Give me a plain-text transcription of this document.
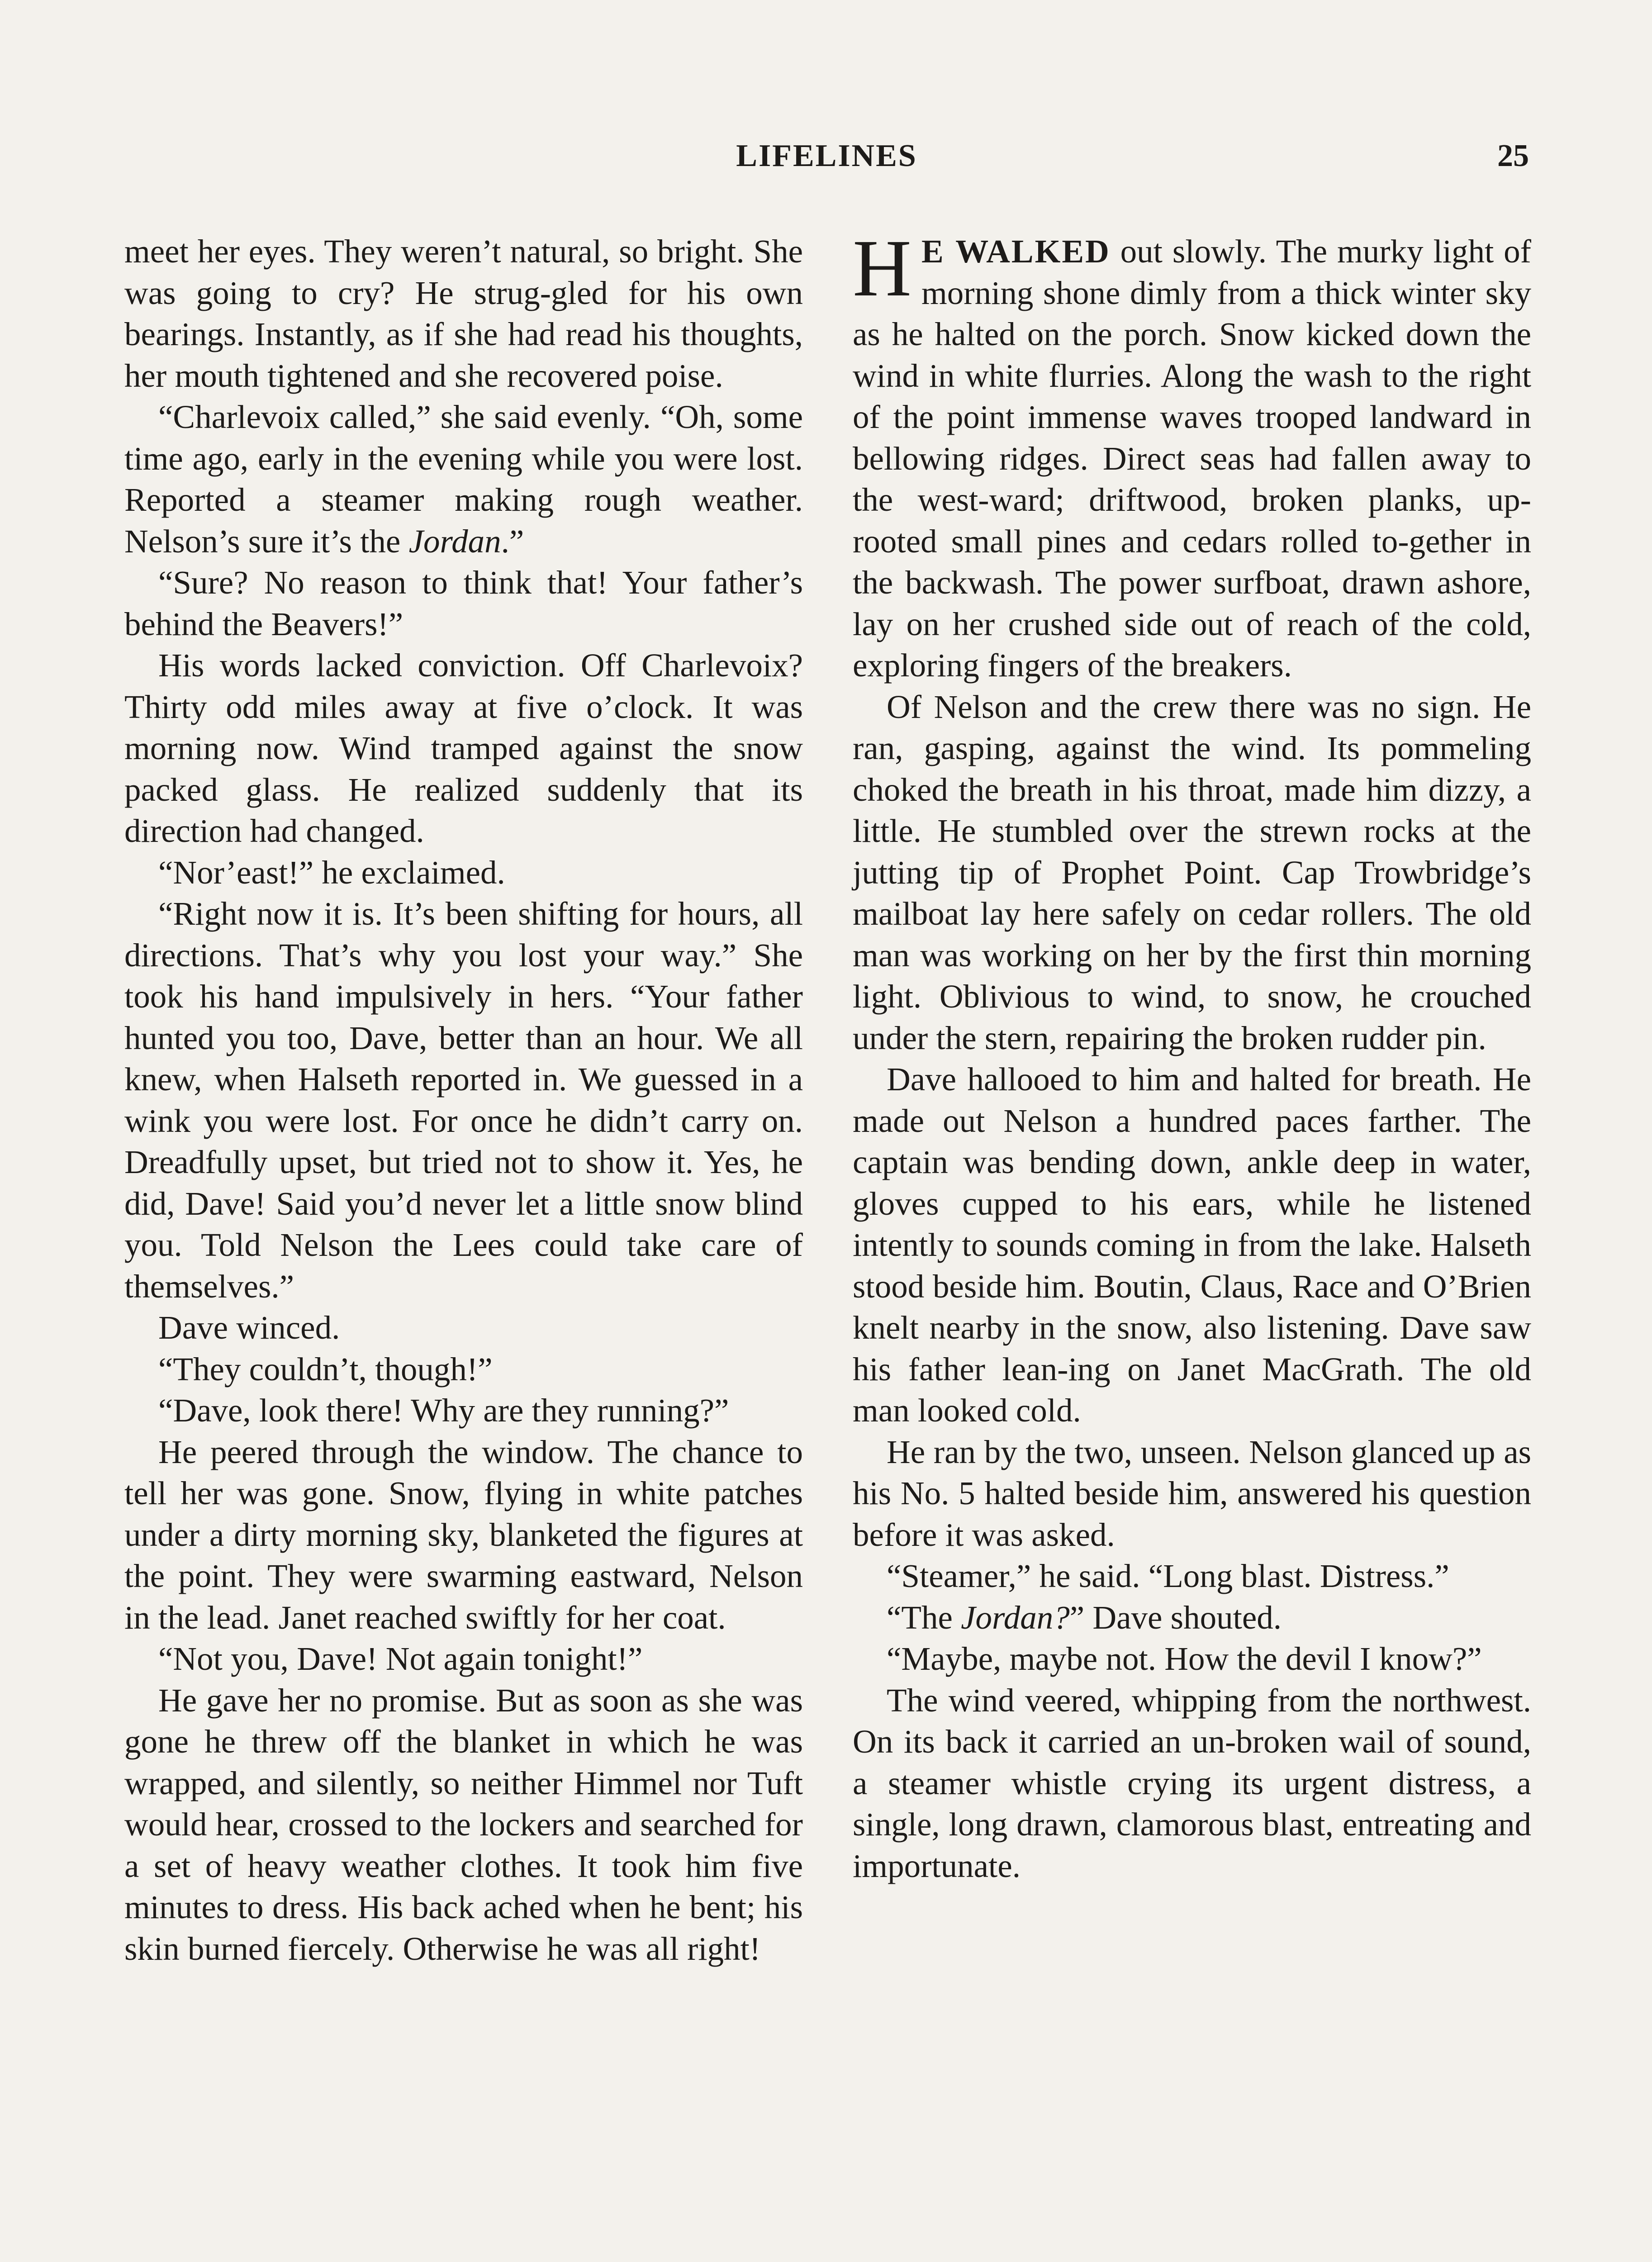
LIFELINES	25

meet her eyes. They weren’t natural, so bright. She was going to cry? He strug-gled for his own bearings. Instantly, as if she had read his thoughts, her mouth tightened and she recovered poise.

“Charlevoix called,” she said evenly. “Oh, some time ago, early in the evening while you were lost. Reported a steamer making rough weather. Nelson’s sure it’s the Jordan.”

“Sure? No reason to think that! Your father’s behind the Beavers!”

His words lacked conviction. Off Charlevoix? Thirty odd miles away at five o’clock. It was morning now. Wind tramped against the snow packed glass. He realized suddenly that its direction had changed.

“Nor’east!” he exclaimed.

“Right now it is. It’s been shifting for hours, all directions. That’s why you lost your way.” She took his hand impulsively in hers. “Your father hunted you too, Dave, better than an hour. We all knew, when Halseth reported in. We guessed in a wink you were lost. For once he didn’t carry on. Dreadfully upset, but tried not to show it. Yes, he did, Dave! Said you’d never let a little snow blind you. Told Nelson the Lees could take care of themselves.”

Dave winced.

“They couldn’t, though!”

“Dave, look there! Why are they running?”

He peered through the window. The chance to tell her was gone. Snow, flying in white patches under a dirty morning sky, blanketed the figures at the point. They were swarming eastward, Nelson in the lead. Janet reached swiftly for her coat.

“Not you, Dave! Not again tonight!”

He gave her no promise. But as soon as she was gone he threw off the blanket in which he was wrapped, and silently, so neither Himmel nor Tuft would hear, crossed to the lockers and searched for a set of heavy weather clothes. It took him five minutes to dress. His back ached when he bent; his skin burned fiercely. Otherwise he was all right!

H E WALKED out slowly. The murky light of morning shone dimly from a thick winter sky as he halted on the porch. Snow kicked down the wind in white flurries. Along the wash to the right of the point immense waves trooped landward in bellowing ridges. Direct seas had fallen away to the west-ward; driftwood, broken planks, up-rooted small pines and cedars rolled to-gether in the backwash. The power surfboat, drawn ashore, lay on her crushed side out of reach of the cold, exploring fingers of the breakers.

Of Nelson and the crew there was no sign. He ran, gasping, against the wind. Its pommeling choked the breath in his throat, made him dizzy, a little. He stumbled over the strewn rocks at the jutting tip of Prophet Point. Cap Trowbridge’s mailboat lay here safely on cedar rollers. The old man was working on her by the first thin morning light. Oblivious to wind, to snow, he crouched under the stern, repairing the broken rudder pin.

Dave hallooed to him and halted for breath. He made out Nelson a hundred paces farther. The captain was bending down, ankle deep in water, gloves cupped to his ears, while he listened intently to sounds coming in from the lake. Halseth stood beside him. Boutin, Claus, Race and O’Brien knelt nearby in the snow, also listening. Dave saw his father lean-ing on Janet MacGrath. The old man looked cold.

He ran by the two, unseen. Nelson glanced up as his No. 5 halted beside him, answered his question before it was asked.

“Steamer,” he said. “Long blast. Distress.”

“The Jordan?” Dave shouted.

“Maybe, maybe not. How the devil I know?”

The wind veered, whipping from the northwest. On its back it carried an un-broken wail of sound, a steamer whistle crying its urgent distress, a single, long drawn, clamorous blast, entreating and importunate.
